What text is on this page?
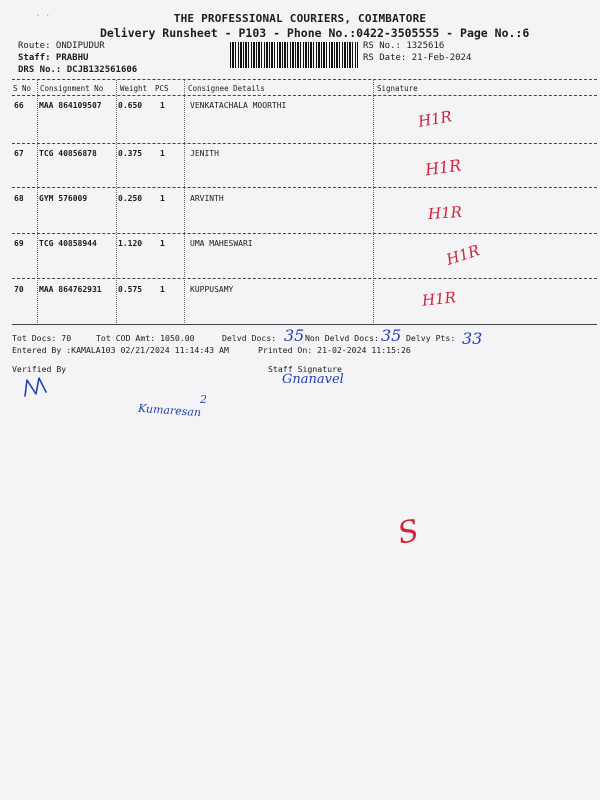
` `	THE PROFESSIONAL COURIERS, COIMBATORE
Delivery Runsheet - P103 - Phone No.:0422-3505555 - Page No.:6
Route: ONDIPUDUR
Staff: PRABHU
DRS No.: DCJB132561606
RS No.: 1325616
RS Date: 21-Feb-2024
S No Consignment No Weight PCS	Consignee Details	Signature
66 MAA 864109507 0.650 1	VENKATACHALA MOORTHI
H1R
67 TCG 40856878	0.375 1	JENITH
H1R
68 GYM 576009	0.250 1	ARVINTH
H1R
69 TCG 40858944	1.120 1	UMA MAHESWARI	H1R
70 MAA 864762931 0.575 1	KUPPUSAMY	H1R
Tot Docs: 70	Tot COD Amt: 1050.00	Delvd Docs: 35 Non Delvd Docs: 35 Delvy Pts: 33
Entered By :KAMALA103 02/21/2024 11:14:43 AM	Printed On: 21-02-2024 11:15:26
Verified By	Staff Signature
Gnanavel
2
Kumaresan
S
